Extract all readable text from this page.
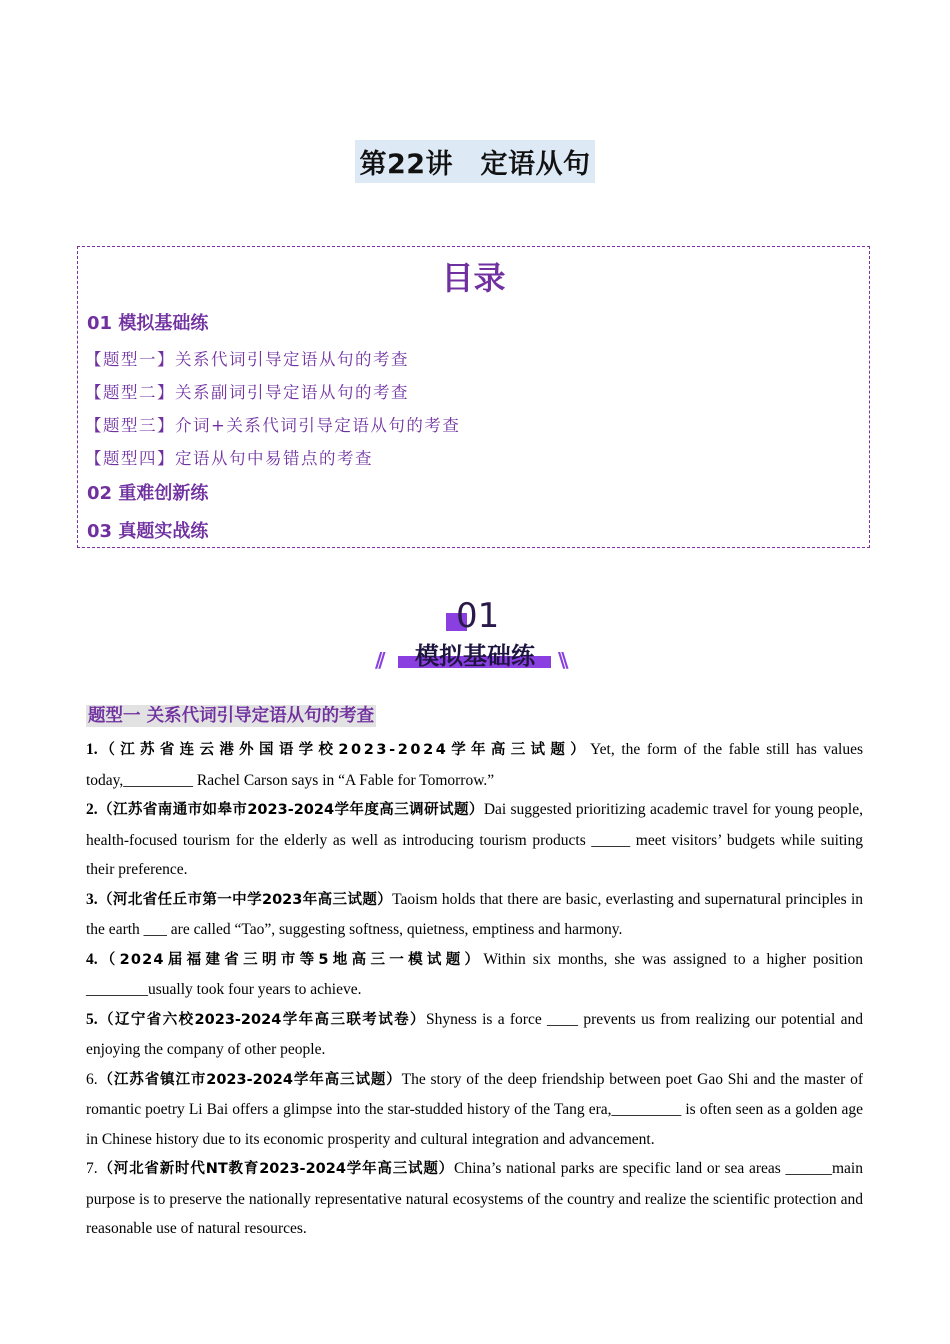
第22讲　定语从句
目录
01 模拟基础练
【题型一】关系代词引导定语从句的考查
【题型二】关系副词引导定语从句的考查
【题型三】介词+关系代词引导定语从句的考查
【题型四】定语从句中易错点的考查
02 重难创新练
03 真题实战练
01
模拟基础练
//	\\
题型一 关系代词引导定语从句的考查
1.（江苏省连云港外国语学校2023-2024学年高三试题）Yet, the form of the fable still has values today,_________ Rachel Carson says in “A Fable for Tomorrow.”
2.（江苏省南通市如皋市2023-2024学年度高三调研试题）Dai suggested prioritizing academic travel for young people, health-focused tourism for the elderly as well as introducing tourism products _____ meet visitors’ budgets while suiting their preference.
3.（河北省任丘市第一中学2023年高三试题）Taoism holds that there are basic, everlasting and supernatural principles in the earth ___ are called “Tao”, suggesting softness, quietness, emptiness and harmony.
4.（2024届福建省三明市等5地高三一模试题）Within six months, she was assigned to a higher position ________usually took four years to achieve.
5.（辽宁省六校2023-2024学年高三联考试卷）Shyness is a force ____ prevents us from realizing our potential and enjoying the company of other people.
6.（江苏省镇江市2023-2024学年高三试题）The story of the deep friendship between poet Gao Shi and the master of romantic poetry Li Bai offers a glimpse into the star-studded history of the Tang era,_________ is often seen as a golden age in Chinese history due to its economic prosperity and cultural integration and advancement.
7.（河北省新时代NT教育2023-2024学年高三试题）China’s national parks are specific land or sea areas ______main purpose is to preserve the nationally representative natural ecosystems of the country and realize the scientific protection and reasonable use of natural resources.
